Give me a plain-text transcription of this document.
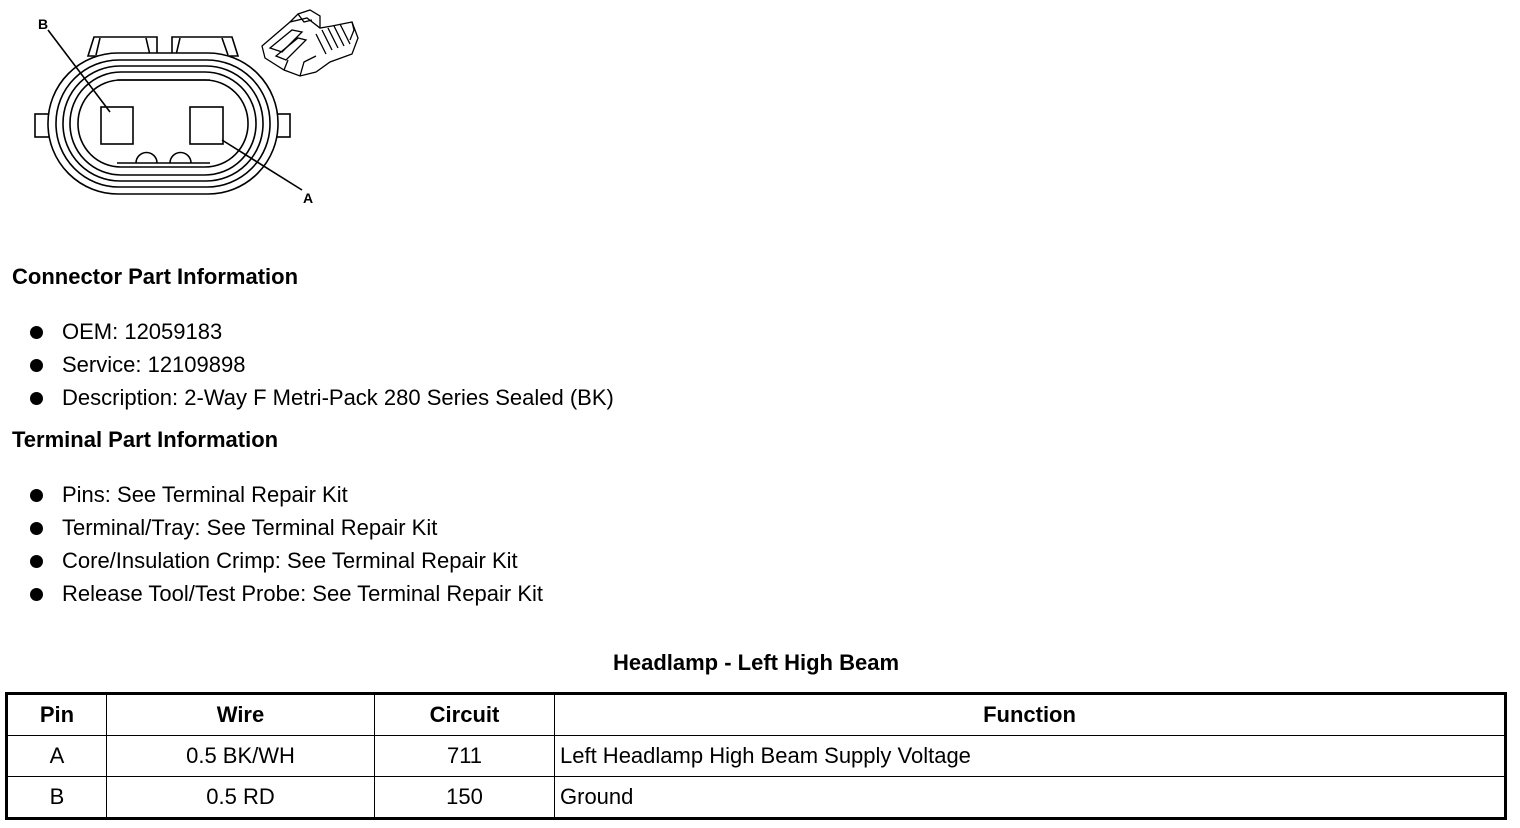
B
A
Connector Part Information
OEM: 12059183
Service: 12109898
Description: 2-Way F Metri-Pack 280 Series Sealed (BK)
Terminal Part Information
Pins: See Terminal Repair Kit
Terminal/Tray: See Terminal Repair Kit
Core/Insulation Crimp: See Terminal Repair Kit
Release Tool/Test Probe: See Terminal Repair Kit
Headlamp - Left High Beam
Pin	Wire	Circuit	Function
A	0.5 BK/WH	711	Left Headlamp High Beam Supply Voltage
B	0.5 RD	150	Ground
